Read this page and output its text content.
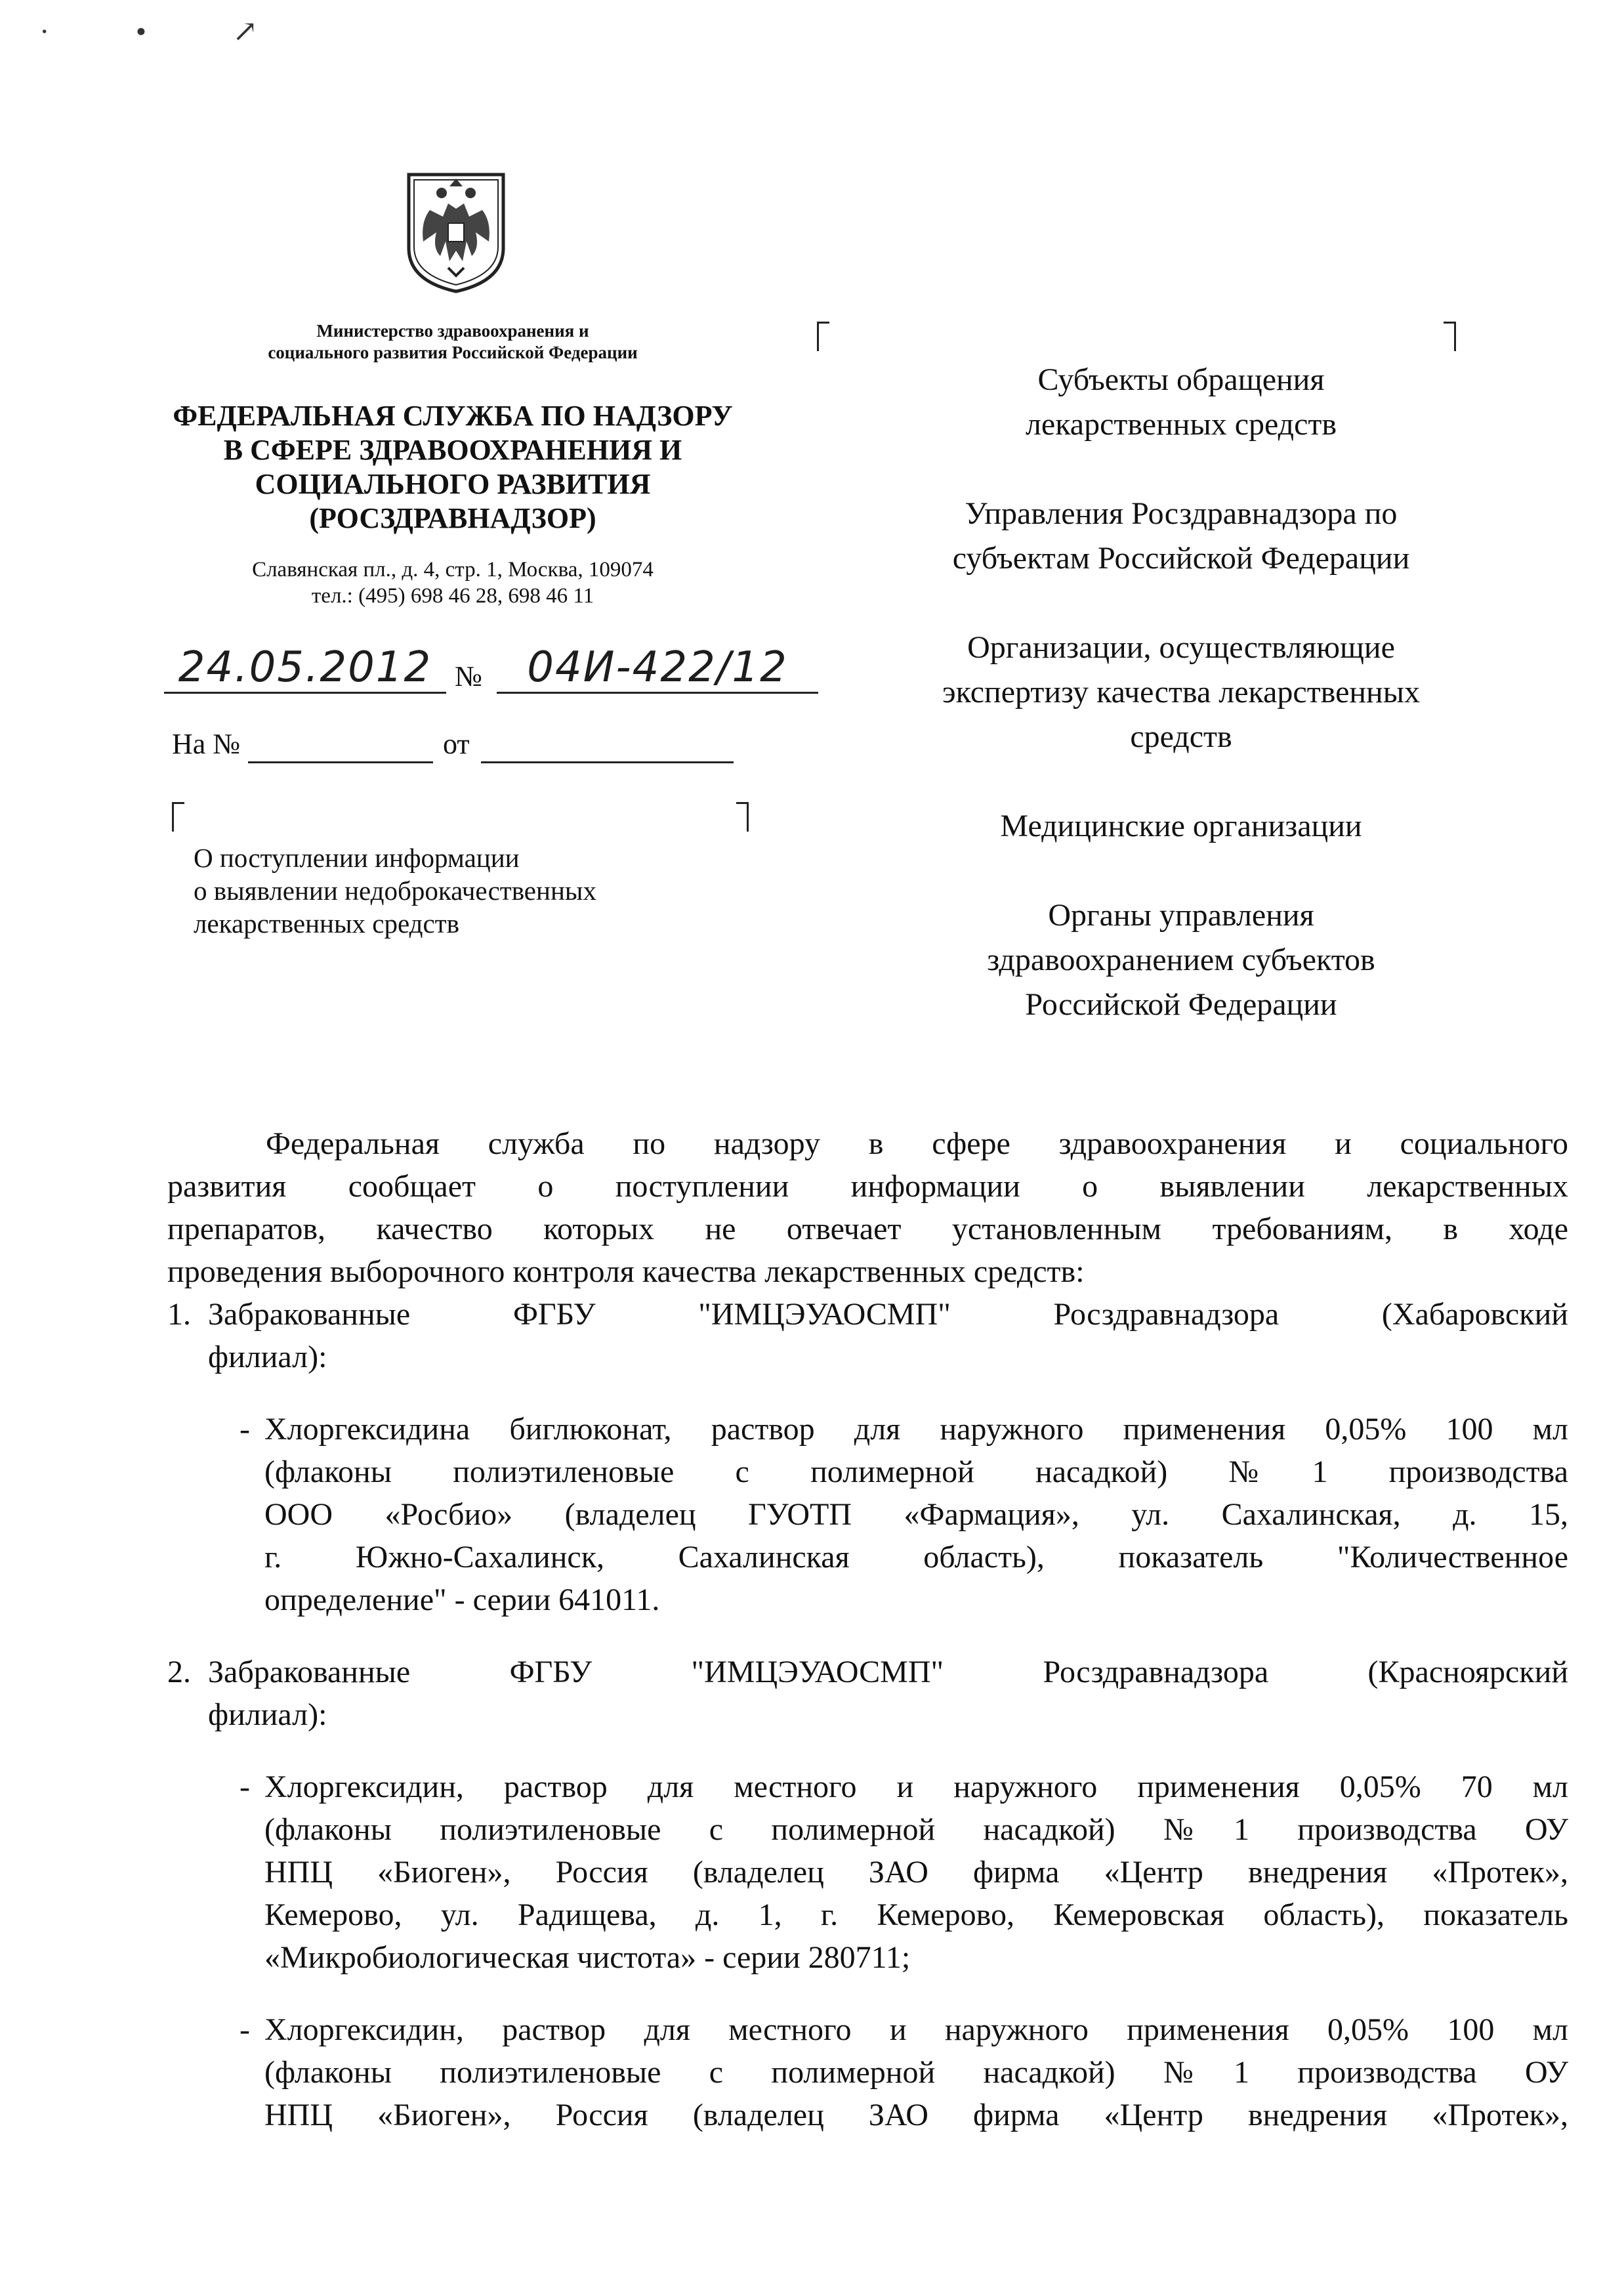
· • ↗
Министерство здравоохранения и
социального развития Российской Федерации
ФЕДЕРАЛЬНАЯ СЛУЖБА ПО НАДЗОРУ
В СФЕРЕ ЗДРАВООХРАНЕНИЯ И
СОЦИАЛЬНОГО РАЗВИТИЯ
(РОСЗДРАВНАДЗОР)
Славянская пл., д. 4, стр. 1, Москва, 109074
тел.: (495) 698 46 28, 698 46 11
24.05.2012 №	04И-422/12
На №	от
О поступлении информации
о выявлении недоброкачественных
лекарственных средств

Субъекты обращения
лекарственных средств

Управления Росздравнадзора по
субъектам Российской Федерации

Организации, осуществляющие
экспертизу качества лекарственных
средств

Медицинские организации

Органы управления
здравоохранением субъектов
Российской Федерации

Федеральная служба по надзору в сфере здравоохранения и социального

развития сообщает о поступлении информации о выявлении лекарственных

препаратов, качество которых не отвечает установленным требованиям, в ходе

проведения выборочного контроля качества лекарственных средств:

1. Забракованные ФГБУ "ИМЦЭУАОСМП" Росздравнадзора (Хабаровский

филиал):

- Хлоргексидина биглюконат, раствор для наружного применения 0,05% 100 мл

(флаконы полиэтиленовые с полимерной насадкой) №1 производства

ООО «Росбио» (владелец ГУОТП «Фармация», ул. Сахалинская, д. 15,

г. Южно-Сахалинск, Сахалинская область), показатель "Количественное

определение" - серии 641011.

2. Забракованные ФГБУ "ИМЦЭУАОСМП" Росздравнадзора (Красноярский

филиал):

- Хлоргексидин, раствор для местного и наружного применения 0,05% 70 мл

(флаконы полиэтиленовые с полимерной насадкой) №1 производства ОУ

НПЦ «Биоген», Россия (владелец ЗАО фирма «Центр внедрения «Протек»,

Кемерово, ул. Радищева, д. 1, г. Кемерово, Кемеровская область), показатель

«Микробиологическая чистота» - серии 280711;

- Хлоргексидин, раствор для местного и наружного применения 0,05% 100 мл

(флаконы полиэтиленовые с полимерной насадкой) №1 производства ОУ

НПЦ «Биоген», Россия (владелец ЗАО фирма «Центр внедрения «Протек»,
